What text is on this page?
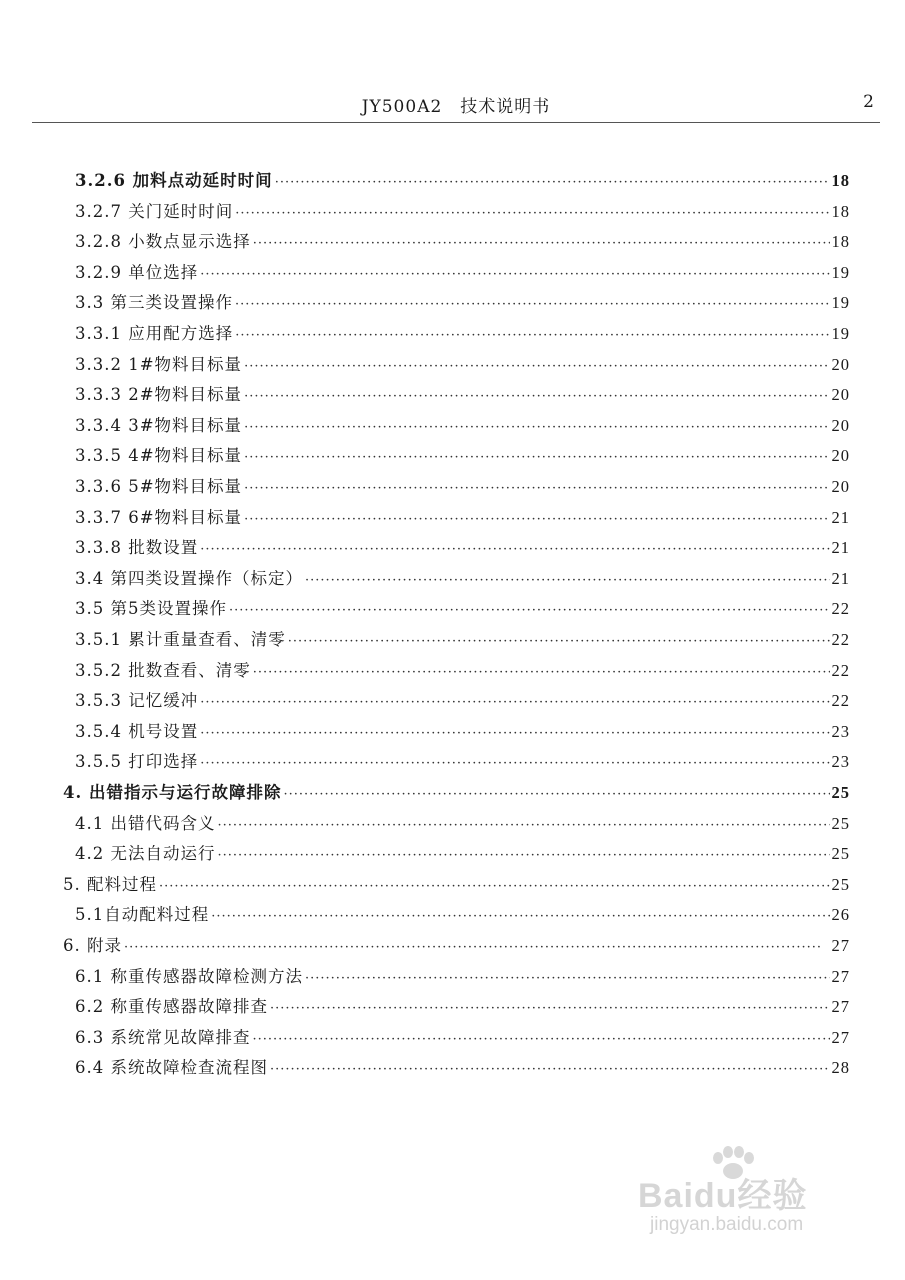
JY500A2　技术说明书	2
3.2.6 加料点动延时时间 ·····	18
3.2.7 关门延时时间 ·····	18
3.2.8 小数点显示选择 ·····	18
3.2.9 单位选择 ·····	19
3.3 第三类设置操作 ·····	19
3.3.1 应用配方选择 ·····	19
3.3.2 1#物料目标量 ·····	20
3.3.3 2#物料目标量 ·····	20
3.3.4 3#物料目标量 ·····	20
3.3.5 4#物料目标量 ·····	20
3.3.6 5#物料目标量 ·····	20
3.3.7 6#物料目标量 ·····	21
3.3.8 批数设置 ·····	21
3.4 第四类设置操作（标定） ·····	21
3.5 第5类设置操作 ·····	22
3.5.1 累计重量查看、清零 ·····	22
3.5.2 批数查看、清零 ·····	22
3.5.3 记忆缓冲 ·····	22
3.5.4 机号设置 ·····	23
3.5.5 打印选择 ·····	23
4. 出错指示与运行故障排除 ·····	25
4.1 出错代码含义 ·····	25
4.2 无法自动运行 ·····	25
5. 配料过程 ·····	25
5.1自动配料过程 ·····	26
6. 附录 ·····	27
6.1 称重传感器故障检测方法 ·····	27
6.2 称重传感器故障排查 ·····	27
6.3 系统常见故障排查 ·····	27
6.4 系统故障检查流程图 ·····	28
Baidu经验
jingyan.baidu.com
